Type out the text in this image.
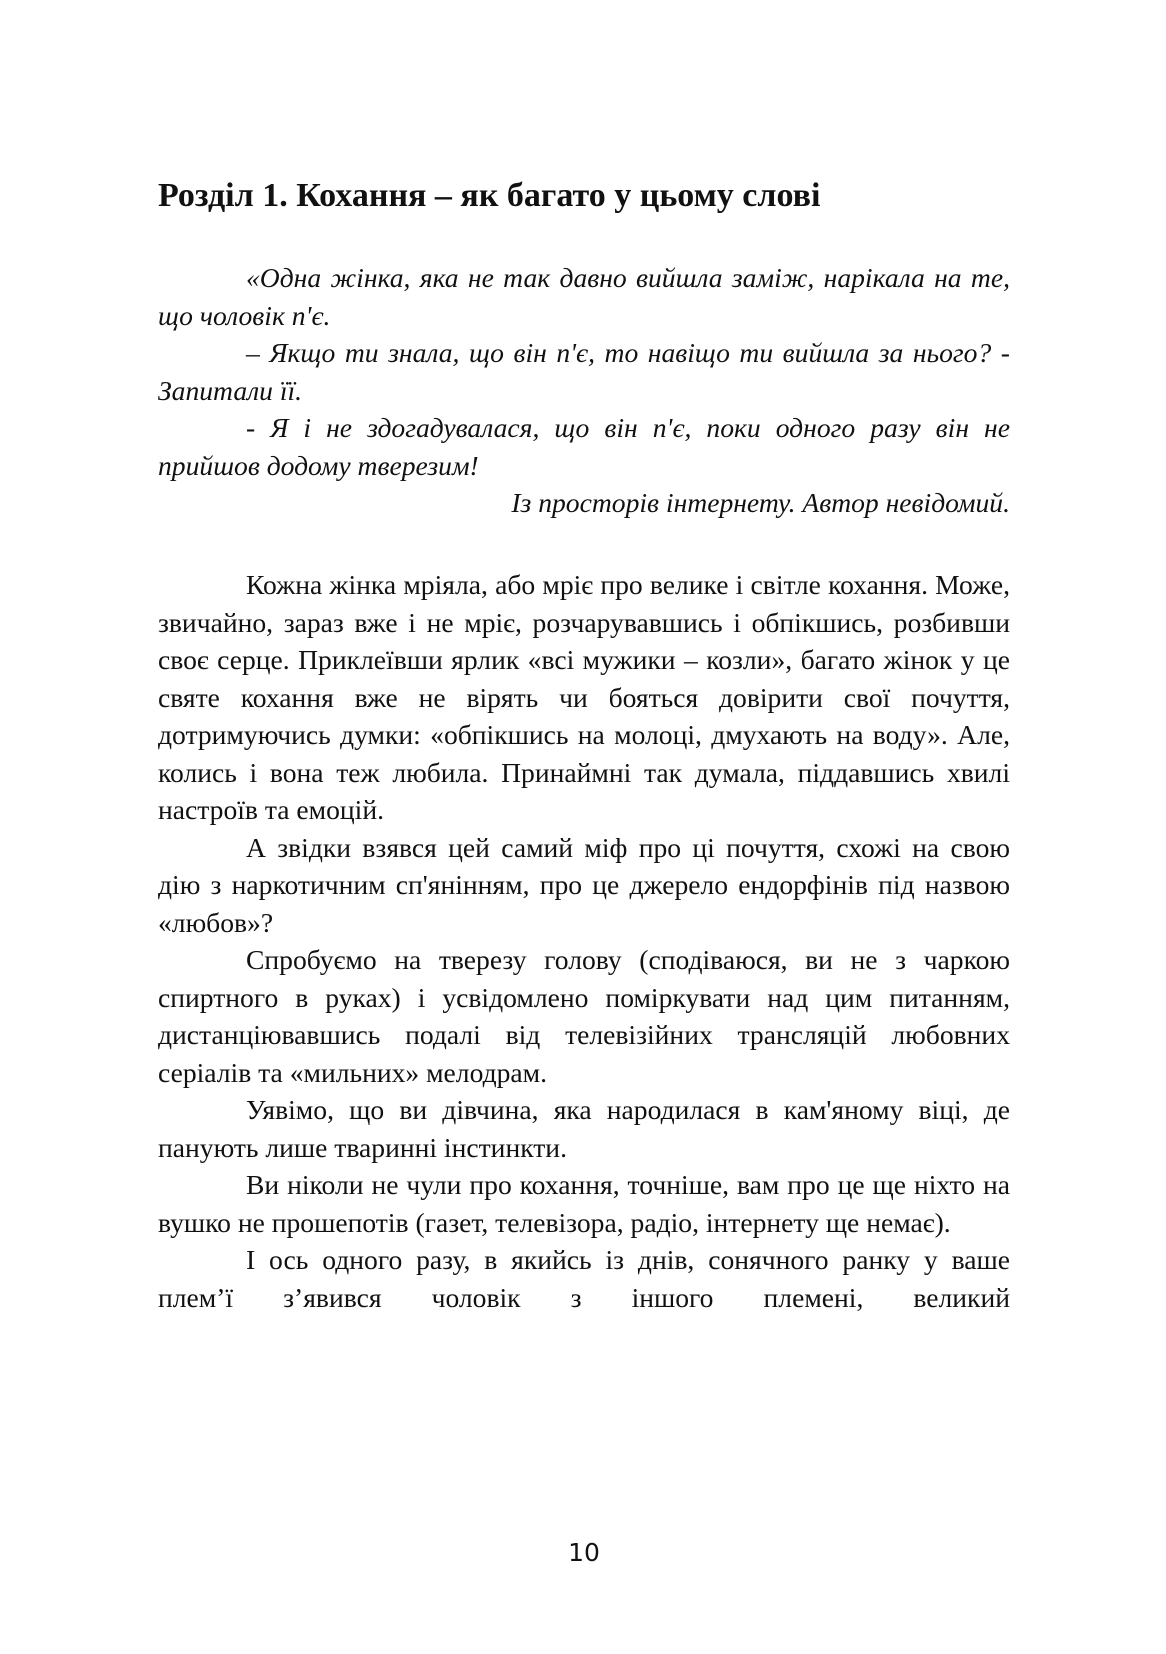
Розділ 1. Кохання – як багато у цьому слові

«Одна жінка, яка не так давно вийшла заміж, нарікала на те, що чоловік п'є.

– Якщо ти знала, що він п'є, то навіщо ти вийшла за нього? - Запитали її.

- Я і не здогадувалася, що він п'є, поки одного разу він не прийшов додому тверезим!

Із просторів інтернету. Автор невідомий.

Кожна жінка мріяла, або мріє про велике і світле кохання. Може, звичайно, зараз вже і не мріє, розчарувавшись і обпікшись, розбивши своє серце. Приклеївши ярлик «всі мужики – козли», багато жінок у це святе кохання вже не вірять чи бояться довірити свої почуття, дотримуючись думки: «обпікшись на молоці, дмухають на воду». Але, колись і вона теж любила. Принаймні так думала, піддавшись хвилі настроїв та емоцій.

А звідки взявся цей самий міф про ці почуття, схожі на свою дію з наркотичним сп'янінням, про це джерело ендорфінів під назвою «любов»?

Спробуємо на тверезу голову (сподіваюся, ви не з чаркою спиртного в руках) і усвідомлено поміркувати над цим питанням, дистанціювавшись подалі від телевізійних трансляцій любовних серіалів та «мильних» мелодрам.

Уявімо, що ви дівчина, яка народилася в кам'яному віці, де панують лише тваринні інстинкти.

Ви ніколи не чули про кохання, точніше, вам про це ще ніхто на вушко не прошепотів (газет, телевізора, радіо, інтернету ще немає).

І ось одного разу, в якийсь із днів, сонячного ранку у ваше плем’ї з’явився чоловік з іншого племені, великий

10
